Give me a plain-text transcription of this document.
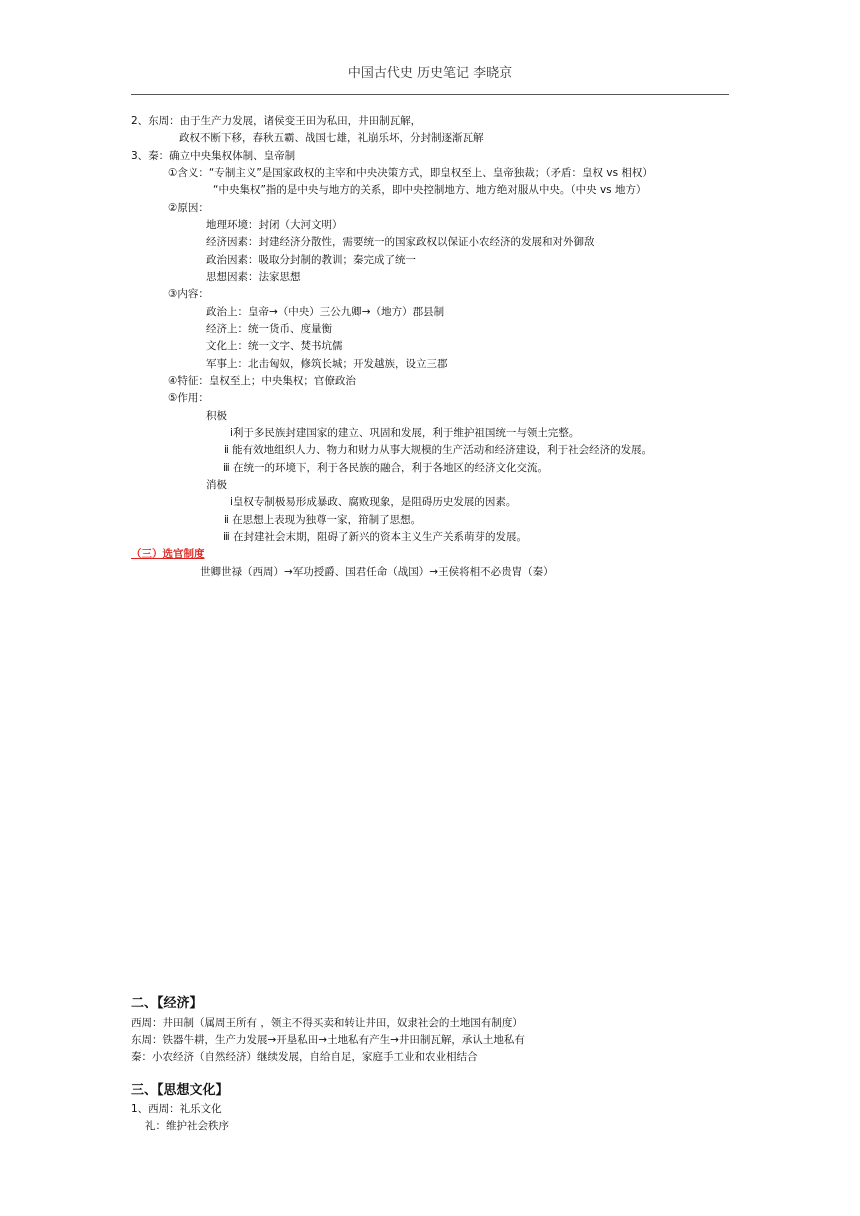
中国古代史 历史笔记 李晓京
2、东周：由于生产力发展，诸侯变王田为私田，井田制瓦解，
政权不断下移，春秋五霸、战国七雄，礼崩乐坏，分封制逐渐瓦解
3、秦：确立中央集权体制、皇帝制
①含义：“专制主义”是国家政权的主宰和中央决策方式，即皇权至上、皇帝独裁；（矛盾：皇权 vs 相权）
“中央集权”指的是中央与地方的关系，即中央控制地方、地方绝对服从中央。（中央 vs 地方）
②原因：
地理环境：封闭（大河文明）
经济因素：封建经济分散性，需要统一的国家政权以保证小农经济的发展和对外御敌
政治因素：吸取分封制的教训；秦完成了统一
思想因素：法家思想
③内容：
政治上：皇帝→（中央）三公九卿→（地方）郡县制
经济上：统一货币、度量衡
文化上：统一文字、焚书坑儒
军事上：北击匈奴，修筑长城；开发越族，设立三郡
④特征：皇权至上；中央集权；官僚政治
⑤作用：
积极
ⅰ利于多民族封建国家的建立、巩固和发展，利于维护祖国统一与领土完整。
ⅱ 能有效地组织人力、物力和财力从事大规模的生产活动和经济建设，利于社会经济的发展。
ⅲ 在统一的环境下，利于各民族的融合，利于各地区的经济文化交流。
消极
ⅰ皇权专制极易形成暴政、腐败现象，是阻碍历史发展的因素。
ⅱ 在思想上表现为独尊一家，箝制了思想。
ⅲ 在封建社会末期，阻碍了新兴的资本主义生产关系萌芽的发展。
（三）选官制度
世卿世禄（西周）→军功授爵、国君任命（战国）→王侯将相不必贵胄（秦）
二、【经济】
西周：井田制（属周王所有 ，领主不得买卖和转让井田，奴隶社会的土地国有制度）
东周：铁器牛耕，生产力发展→开垦私田→土地私有产生→井田制瓦解，承认土地私有
秦：小农经济（自然经济）继续发展，自给自足，家庭手工业和农业相结合
三、【思想文化】
1、西周：礼乐文化
礼：维护社会秩序
